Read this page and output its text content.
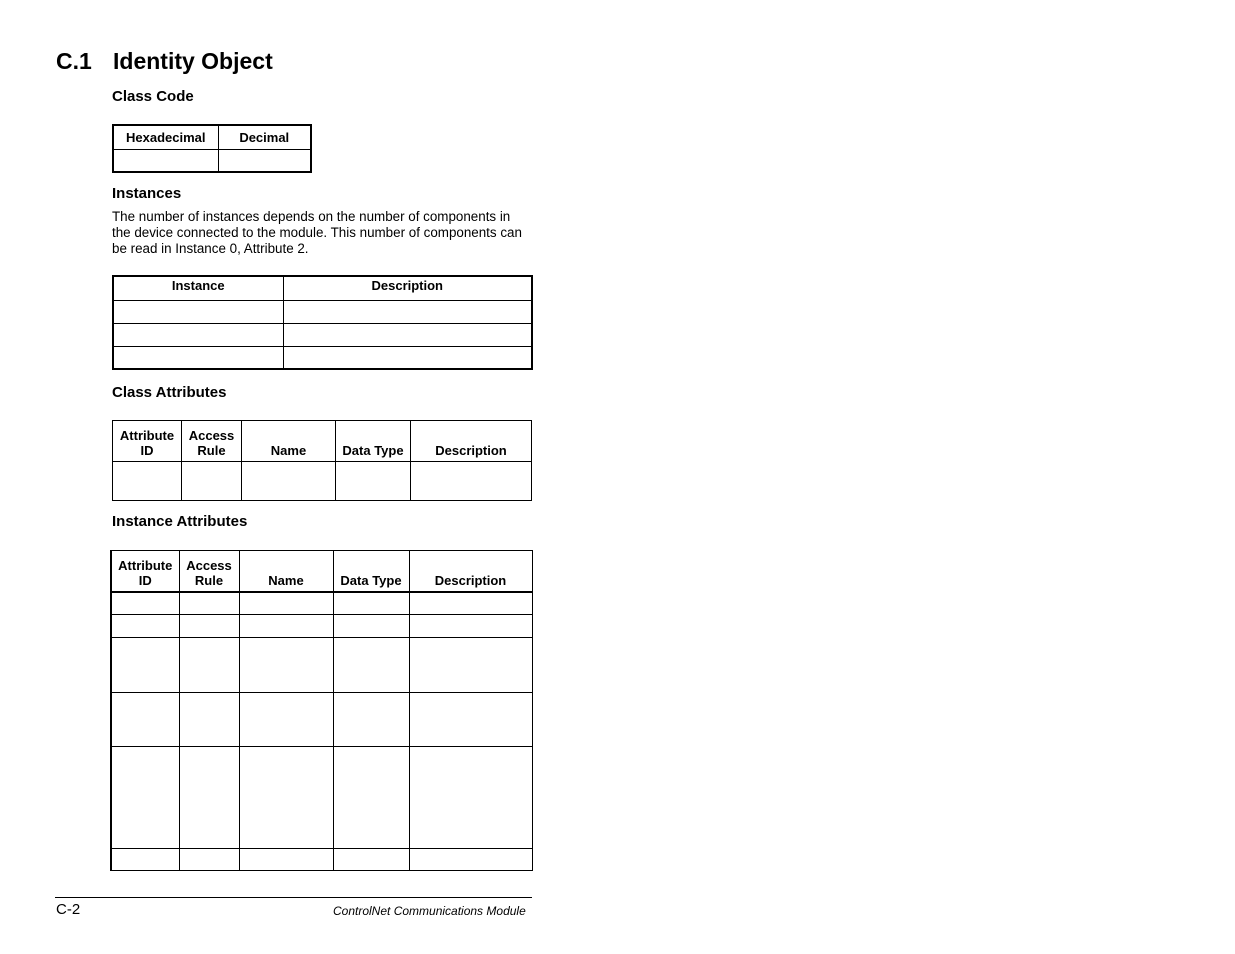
C.1 Identity Object
Class Code
Hexadecimal	Decimal

Instances
The number of instances depends on the number of components in the device connected to the module. This number of components can be read in Instance 0, Attribute 2.
Instance	Description

Class Attributes
Attribute ID	Access Rule	Name	Data Type	Description

Instance Attributes
Attribute ID	Access Rule	Name	Data Type	Description

C-2	ControlNet Communications Module
